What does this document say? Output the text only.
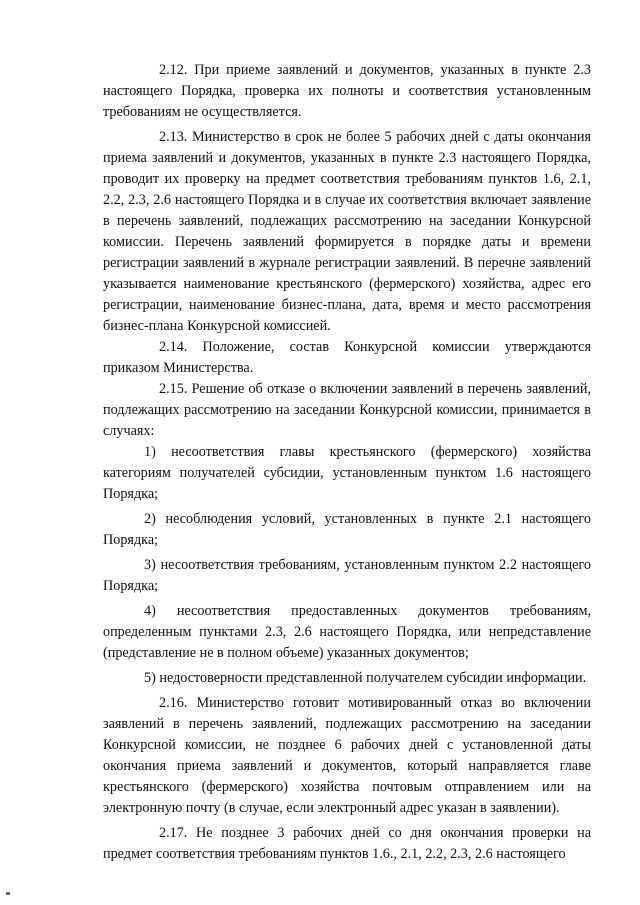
2.12. При приеме заявлений и документов, указанных в пункте 2.3 настоящего Порядка, проверка их полноты и соответствия установленным требованиям не осуществляется.

2.13. Министерство в срок не более 5 рабочих дней с даты окончания приема заявлений и документов, указанных в пункте 2.3 настоящего Порядка, проводит их проверку на предмет соответствия требованиям пунктов 1.6, 2.1, 2.2, 2.3, 2.6 настоящего Порядка и в случае их соответствия включает заявление в перечень заявлений, подлежащих рассмотрению на заседании Конкурсной комиссии. Перечень заявлений формируется в порядке даты и времени регистрации заявлений в журнале регистрации заявлений. В перечне заявлений указывается наименование крестьянского (фермерского) хозяйства, адрес его регистрации, наименование бизнес-плана, дата, время и место рассмотрения бизнес-плана Конкурсной комиссией.

2.14. Положение, состав Конкурсной комиссии утверждаются приказом Министерства.

2.15. Решение об отказе о включении заявлений в перечень заявлений, подлежащих рассмотрению на заседании Конкурсной комиссии, принимается в случаях:

1) несоответствия главы крестьянского (фермерского) хозяйства категориям получателей субсидии, установленным пунктом 1.6 настоящего Порядка;

2) несоблюдения условий, установленных в пункте 2.1 настоящего Порядка;

3) несоответствия требованиям, установленным пунктом 2.2 настоящего Порядка;

4) несоответствия предоставленных документов требованиям, определенным пунктами 2.3, 2.6 настоящего Порядка, или непредставление (представление не в полном объеме) указанных документов;

5) недостоверности представленной получателем субсидии информации.

2.16. Министерство готовит мотивированный отказ во включении заявлений в перечень заявлений, подлежащих рассмотрению на заседании Конкурсной комиссии, не позднее 6 рабочих дней с установленной даты окончания приема заявлений и документов, который направляется главе крестьянского (фермерского) хозяйства почтовым отправлением или на электронную почту (в случае, если электронный адрес указан в заявлении).

2.17. Не позднее 3 рабочих дней со дня окончания проверки на предмет соответствия требованиям пунктов 1.6., 2.1, 2.2, 2.3, 2.6 настоящего
